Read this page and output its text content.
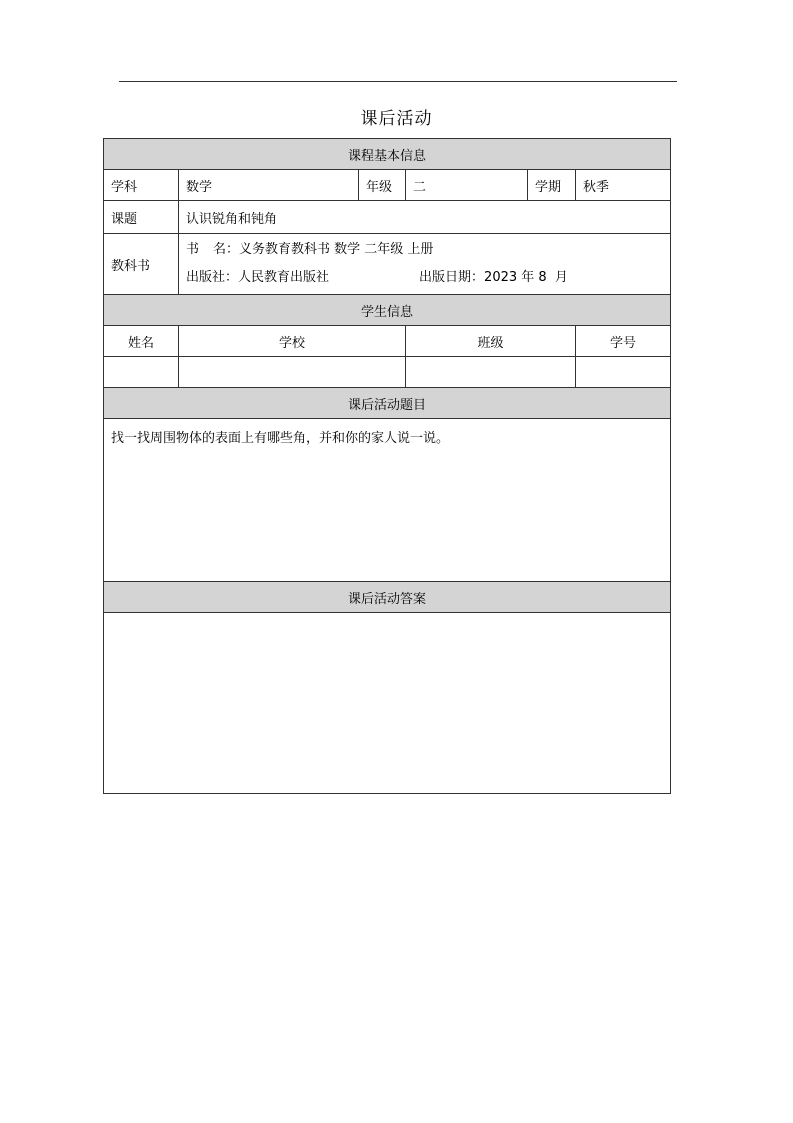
课后活动
课程基本信息					
学科	数学	年级	二	学期	秋季
课题	认识锐角和钝角				
教科书	书 名：义务教育教科书 数学 二年级 上册
出版社：人民教育出版社 出版日期：2023 年 8  月				

学生信息					
姓名	学校		班级		学号

课后活动题目					
找一找周围物体的表面上有哪些角，并和你的家人说一说。					
课后活动答案					
